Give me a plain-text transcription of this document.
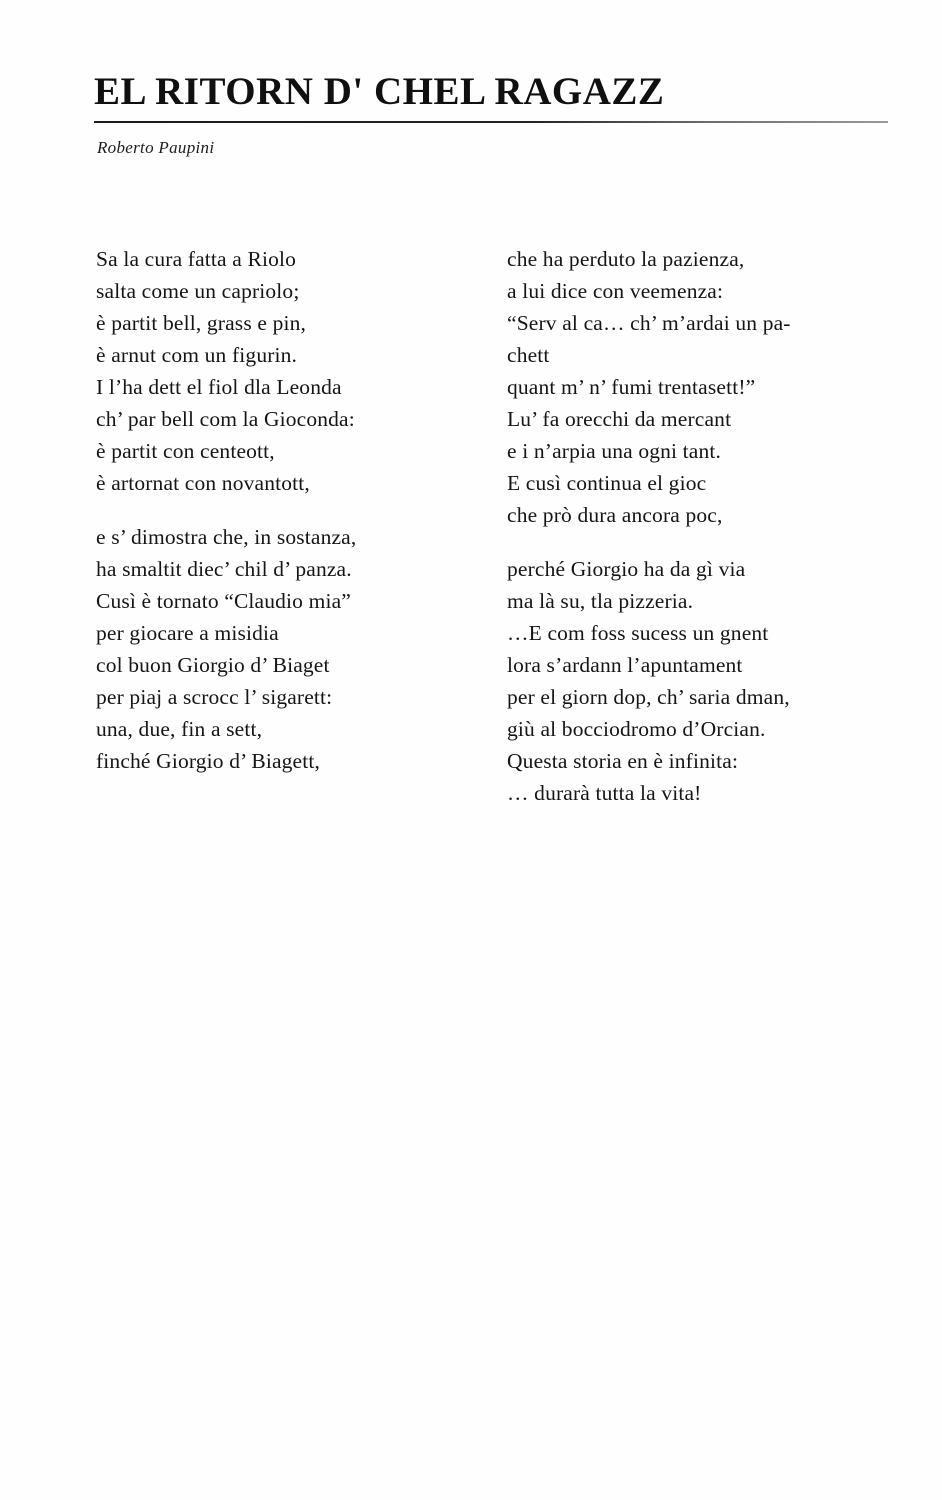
EL RITORN D' CHEL RAGAZZ
Roberto Paupini

Sa la cura fatta a Riolo

salta come un capriolo;

è partit bell, grass e pin,

è arnut com un figurin.

I l’ha dett el fiol dla Leonda

ch’ par bell com la Gioconda:

è partit con centeott,

è artornat con novantott,

e s’ dimostra che, in sostanza,

ha smaltit diec’ chil d’ panza.

Cusì è tornato “Claudio mia”

per giocare a misidia

col buon Giorgio d’ Biaget

per piaj a scrocc l’ sigarett:

una, due, fin a sett,

finché Giorgio d’ Biagett,

che ha perduto la pazienza,

a lui dice con veemenza:

“Serv al ca… ch’ m’ardai un pa-

chett

quant m’ n’ fumi trentasett!”

Lu’ fa orecchi da mercant

e i n’arpia una ogni tant.

E cusì continua el gioc

che prò dura ancora poc,

perché Giorgio ha da gì via

ma là su, tla pizzeria.

…E com foss sucess un gnent

lora s’ardann l’apuntament

per el giorn dop, ch’ saria dman,

giù al bocciodromo d’Orcian.

Questa storia en è infinita:

… durarà tutta la vita!
